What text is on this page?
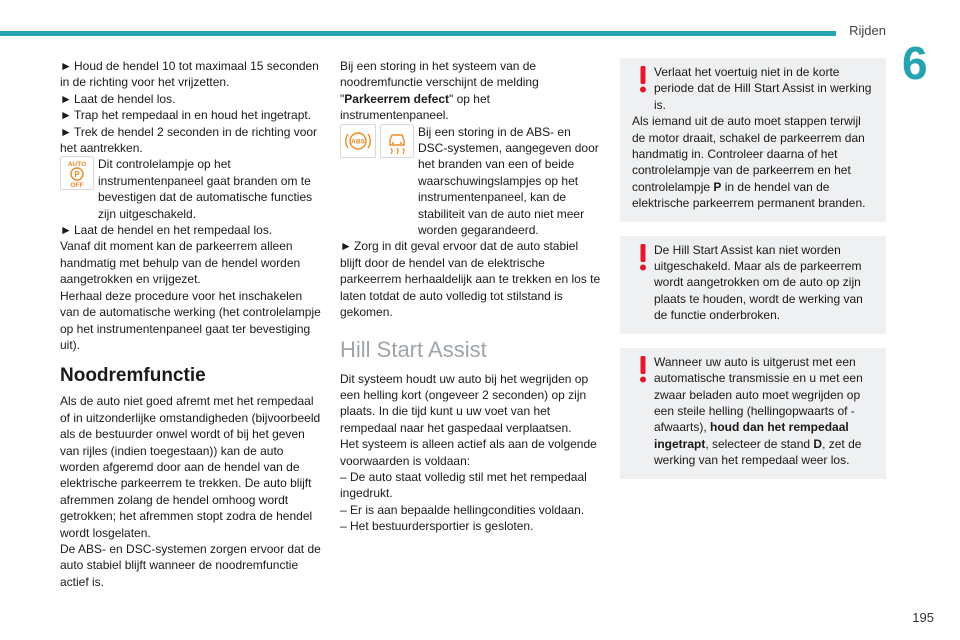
Rijden
6
195
► Houd de hendel 10 tot maximaal 15 seconden in de richting voor het vrijzetten.
► Laat de hendel los.
► Trap het rempedaal in en houd het ingetrapt.
► Trek de hendel 2 seconden in de richting voor het aantrekken.
AUTO
P
OFF
Dit controlelampje op het instrumentenpaneel gaat branden om te bevestigen dat de automatische functies zijn uitgeschakeld.
► Laat de hendel en het rempedaal los.
Vanaf dit moment kan de parkeerrem alleen handmatig met behulp van de hendel worden aangetrokken en vrijgezet.
Herhaal deze procedure voor het inschakelen van de automatische werking (het controlelampje op het instrumentenpaneel gaat ter bevestiging uit).
Noodremfunctie
Als de auto niet goed afremt met het rempedaal of in uitzonderlijke omstandigheden (bijvoorbeeld als de bestuurder onwel wordt of bij het geven van rijles (indien toegestaan)) kan de auto worden afgeremd door aan de hendel van de elektrische parkeerrem te trekken. De auto blijft afremmen zolang de hendel omhoog wordt getrokken; het afremmen stopt zodra de hendel wordt losgelaten.
De ABS- en DSC-systemen zorgen ervoor dat de auto stabiel blijft wanneer de noodremfunctie actief is.
Bij een storing in het systeem van de noodremfunctie verschijnt de melding "Parkeerrem defect" op het instrumentenpaneel.
ABS
Bij een storing in de ABS- en DSC-systemen, aangegeven door het branden van een of beide waarschuwingslampjes op het instrumentenpaneel, kan de stabiliteit van de auto niet meer worden gegarandeerd.
► Zorg in dit geval ervoor dat de auto stabiel blijft door de hendel van de elektrische parkeerrem herhaaldelijk aan te trekken en los te laten totdat de auto volledig tot stilstand is gekomen.
Hill Start Assist
Dit systeem houdt uw auto bij het wegrijden op een helling kort (ongeveer 2 seconden) op zijn plaats. In die tijd kunt u uw voet van het rempedaal naar het gaspedaal verplaatsen.
Het systeem is alleen actief als aan de volgende voorwaarden is voldaan:
– De auto staat volledig stil met het rempedaal ingedrukt.
– Er is aan bepaalde hellingcondities voldaan.
– Het bestuurdersportier is gesloten.
Verlaat het voertuig niet in de korte periode dat de Hill Start Assist in werking is.
Als iemand uit de auto moet stappen terwijl de motor draait, schakel de parkeerrem dan handmatig in. Controleer daarna of het controlelampje van de parkeerrem en het controlelampje P in de hendel van de elektrische parkeerrem permanent branden.
De Hill Start Assist kan niet worden uitgeschakeld. Maar als de parkeerrem wordt aangetrokken om de auto op zijn plaats te houden, wordt de werking van de functie onderbroken.
Wanneer uw auto is uitgerust met een automatische transmissie en u met een zwaar beladen auto moet wegrijden op een steile helling (hellingopwaarts of -afwaarts), houd dan het rempedaal ingetrapt, selecteer de stand D, zet de werking van het rempedaal weer los.
